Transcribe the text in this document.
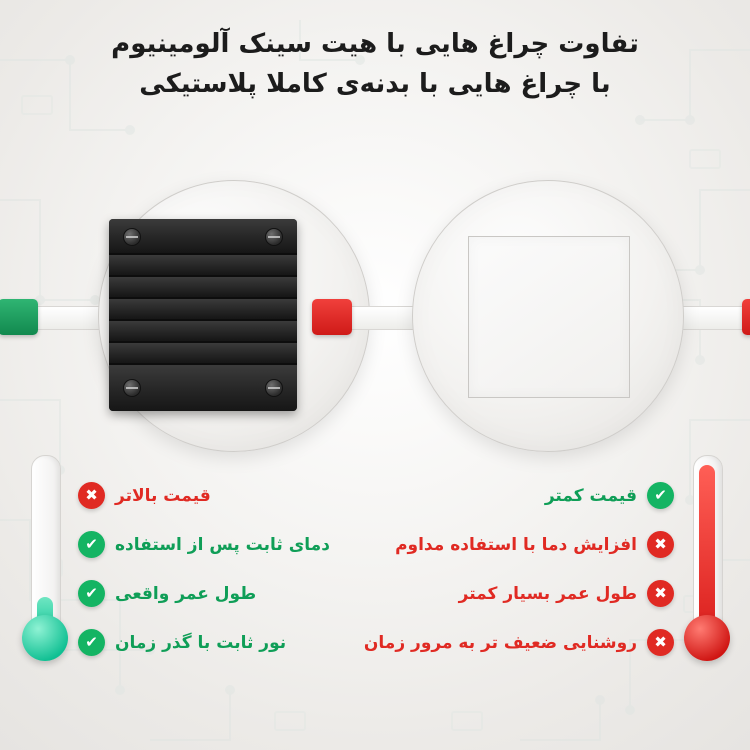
تفاوت چراغ هایی با هیت سینک آلومینیوم
با چراغ هایی با بدنه‌ی کاملا پلاستیکی
✔
قیمت کمتر
✖
افزایش دما با استفاده مداوم
✖
طول عمر بسیار کمتر
✖
روشنایی ضعیف تر به مرور زمان
قیمت بالاتر
✖
دمای ثابت پس از استفاده
✔
طول عمر واقعی
✔
نور ثابت با گذر زمان
✔
